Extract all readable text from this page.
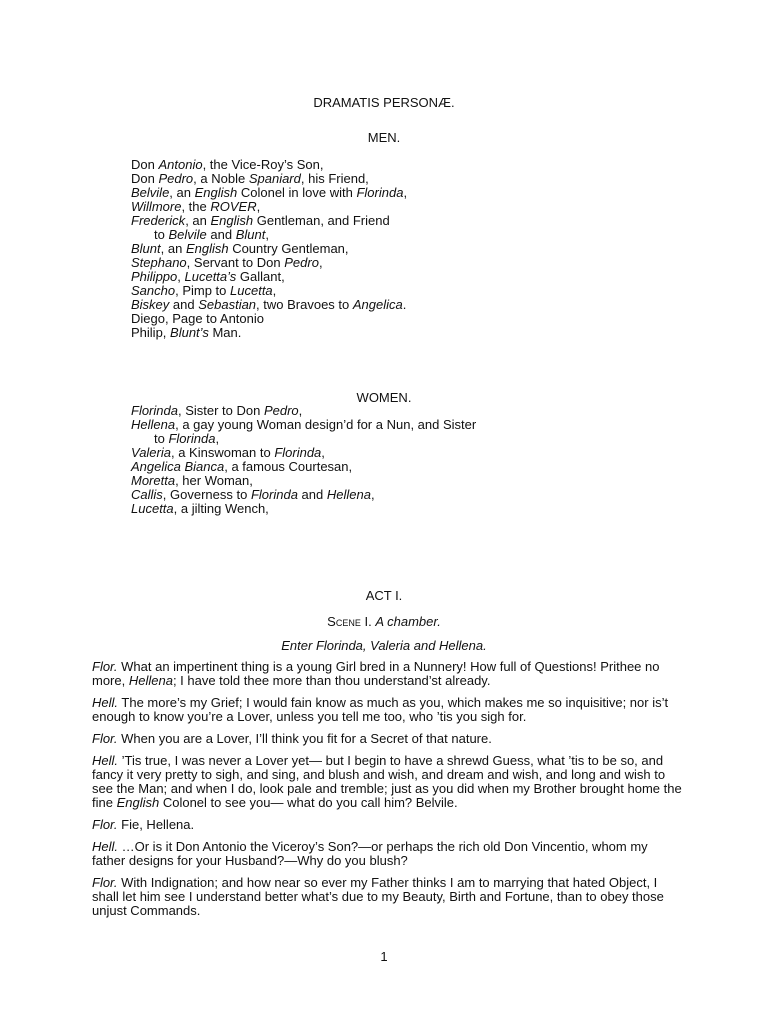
DRAMATIS PERSONÆ.
MEN.
Don Antonio, the Vice-Roy’s Son,
Don Pedro, a Noble Spaniard, his Friend,
Belvile, an English Colonel in love with Florinda,
Willmore, the ROVER,
Frederick, an English Gentleman, and Friend
to Belvile and Blunt,
Blunt, an English Country Gentleman,
Stephano, Servant to Don Pedro,
Philippo, Lucetta’s Gallant,
Sancho, Pimp to Lucetta,
Biskey and Sebastian, two Bravoes to Angelica.
Diego, Page to Antonio
Philip, Blunt’s Man.
WOMEN.
Florinda, Sister to Don Pedro,
Hellena, a gay young Woman design’d for a Nun, and Sister
to Florinda,
Valeria, a Kinswoman to Florinda,
Angelica Bianca, a famous Courtesan,
Moretta, her Woman,
Callis, Governess to Florinda and Hellena,
Lucetta, a jilting Wench,
ACT I.
Scene I. A chamber.
Enter Florinda, Valeria and Hellena.

Flor. What an impertinent thing is a young Girl bred in a Nunnery! How full of Questions! Prithee no more, Hellena; I have told thee more than thou understand’st already.

Hell. The more’s my Grief; I would fain know as much as you, which makes me so inquisitive; nor is’t enough to know you’re a Lover, unless you tell me too, who ’tis you sigh for.

Flor. When you are a Lover, I’ll think you fit for a Secret of that nature.

Hell. ’Tis true, I was never a Lover yet— but I begin to have a shrewd Guess, what ’tis to be so, and fancy it very pretty to sigh, and sing, and blush and wish, and dream and wish, and long and wish to see the Man; and when I do, look pale and tremble; just as you did when my Brother brought home the fine English Colonel to see you— what do you call him? Belvile.

Flor. Fie, Hellena.

Hell. …Or is it Don Antonio the Viceroy’s Son?—or perhaps the rich old Don Vincentio, whom my father designs for your Husband?—Why do you blush?

Flor. With Indignation; and how near so ever my Father thinks I am to marrying that hated Object, I shall let him see I understand better what’s due to my Beauty, Birth and Fortune, than to obey those unjust Commands.

1
